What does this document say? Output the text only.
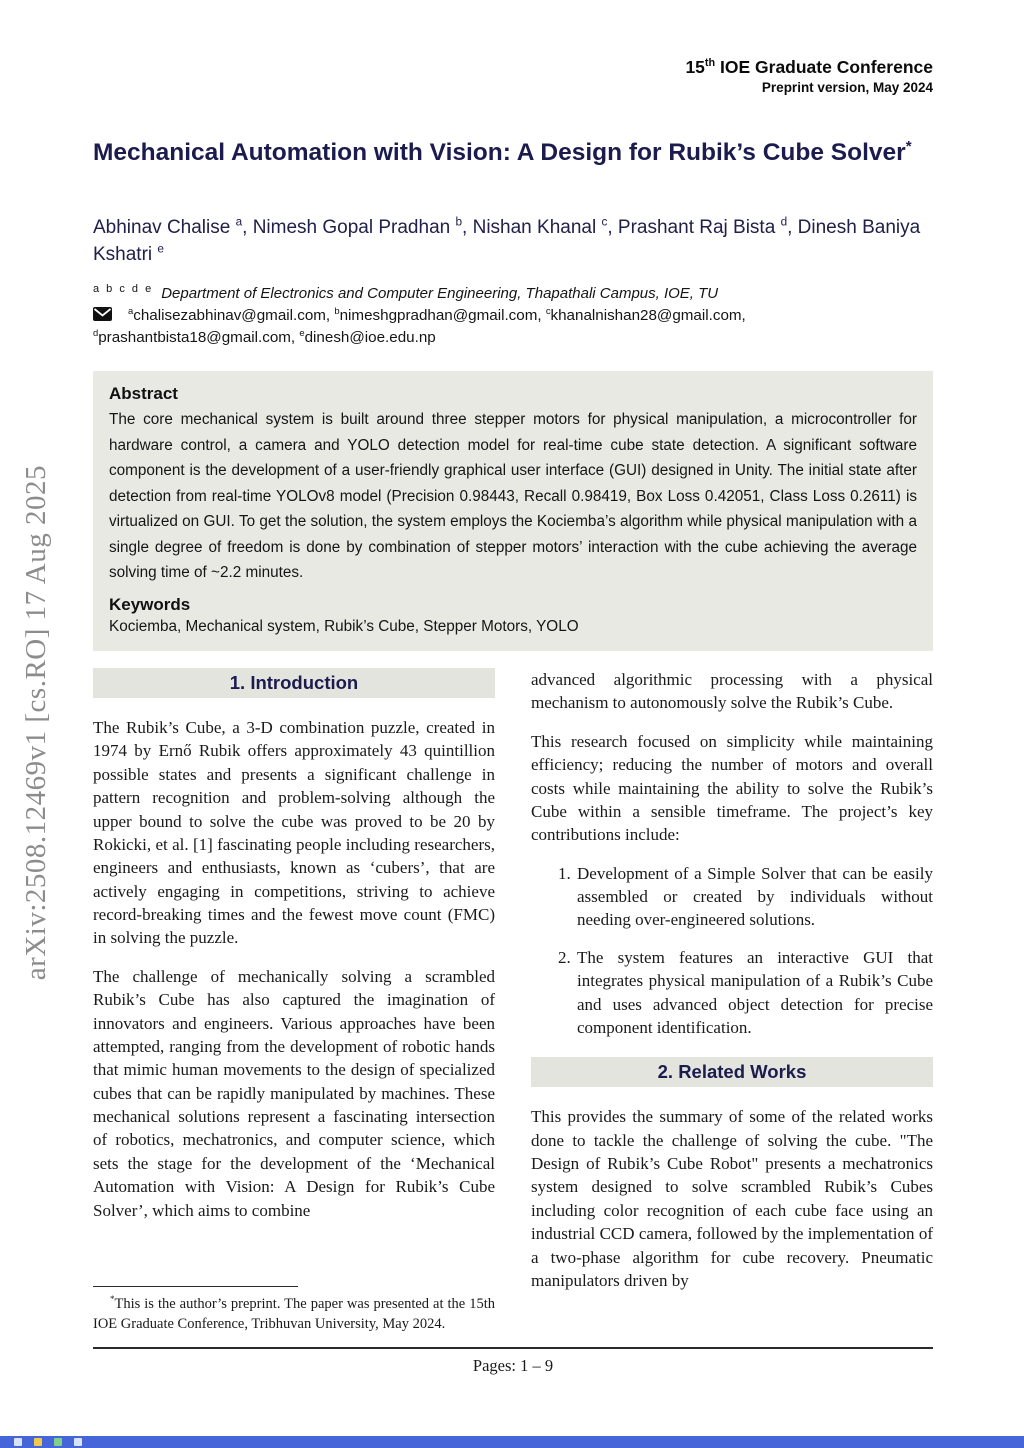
arXiv:2508.12469v1 [cs.RO] 17 Aug 2025
15th IOE Graduate Conference
Preprint version, May 2024
Mechanical Automation with Vision: A Design for Rubik’s Cube Solver*
Abhinav Chalise $^a$, Nimesh Gopal Pradhan $^b$, Nishan Khanal $^c$, Prashant Raj Bista $^d$, Dinesh Baniya Kshatri $^e$
$^{a b c d e}$ Department of Electronics and Computer Engineering, Thapathali Campus, IOE, TU
$^a$chalisezabhinav@gmail.com, $^b$nimeshgpradhan@gmail.com, $^c$khanalnishan28@gmail.com, $^d$prashantbista18@gmail.com, $^e$dinesh@ioe.edu.np
Abstract
The core mechanical system is built around three stepper motors for physical manipulation, a microcontroller for hardware control, a camera and YOLO detection model for real-time cube state detection. A significant software component is the development of a user-friendly graphical user interface (GUI) designed in Unity. The initial state after detection from real-time YOLOv8 model (Precision 0.98443, Recall 0.98419, Box Loss 0.42051, Class Loss 0.2611) is virtualized on GUI. To get the solution, the system employs the Kociemba’s algorithm while physical manipulation with a single degree of freedom is done by combination of stepper motors’ interaction with the cube achieving the average solving time of ~2.2 minutes.
Keywords
Kociemba, Mechanical system, Rubik’s Cube, Stepper Motors, YOLO
1. Introduction

The Rubik’s Cube, a 3-D combination puzzle, created in 1974 by Ernő Rubik offers approximately 43 quintillion possible states and presents a significant challenge in pattern recognition and problem-solving although the upper bound to solve the cube was proved to be 20 by Rokicki, et al. [1] fascinating people including researchers, engineers and enthusiasts, known as ‘cubers’, that are actively engaging in competitions, striving to achieve record-breaking times and the fewest move count (FMC) in solving the puzzle.

The challenge of mechanically solving a scrambled Rubik’s Cube has also captured the imagination of innovators and engineers. Various approaches have been attempted, ranging from the development of robotic hands that mimic human movements to the design of specialized cubes that can be rapidly manipulated by machines. These mechanical solutions represent a fascinating intersection of robotics, mechatronics, and computer science, which sets the stage for the development of the ‘Mechanical Automation with Vision: A Design for Rubik’s Cube Solver’, which aims to combine

*This is the author’s preprint. The paper was presented at the 15th IOE Graduate Conference, Tribhuvan University, May 2024.

advanced algorithmic processing with a physical mechanism to autonomously solve the Rubik’s Cube.

This research focused on simplicity while maintaining efficiency; reducing the number of motors and overall costs while maintaining the ability to solve the Rubik’s Cube within a sensible timeframe. The project’s key contributions include:

1. Development of a Simple Solver that can be easily assembled or created by individuals without needing over-engineered solutions.
2. The system features an interactive GUI that integrates physical manipulation of a Rubik’s Cube and uses advanced object detection for precise component identification.
2. Related Works

This provides the summary of some of the related works done to tackle the challenge of solving the cube. "The Design of Rubik’s Cube Robot" presents a mechatronics system designed to solve scrambled Rubik’s Cubes including color recognition of each cube face using an industrial CCD camera, followed by the implementation of a two-phase algorithm for cube recovery. Pneumatic manipulators driven by

Pages: 1 – 9
